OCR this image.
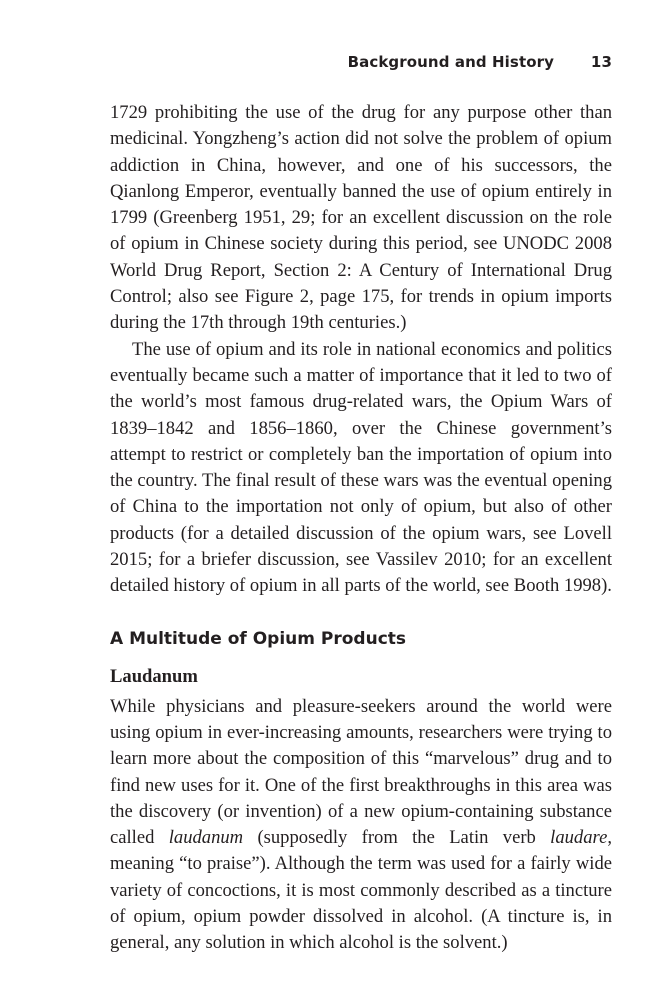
Background and History 13

1729 prohibiting the use of the drug for any purpose other than medicinal. Yongzheng’s action did not solve the problem of opium addiction in China, however, and one of his successors, the Qianlong Emperor, eventually banned the use of opium entirely in 1799 (Greenberg 1951, 29; for an excellent discussion on the role of opium in Chinese society during this period, see UNODC 2008 World Drug Report, Section 2: A Century of International Drug Control; also see Figure 2, page 175, for trends in opium imports during the 17th through 19th centuries.)

The use of opium and its role in national economics and politics eventually became such a matter of importance that it led to two of the world’s most famous drug-related wars, the Opium Wars of 1839–1842 and 1856–1860, over the Chinese government’s attempt to restrict or completely ban the importation of opium into the country. The final result of these wars was the eventual opening of China to the importation not only of opium, but also of other products (for a detailed discussion of the opium wars, see Lovell 2015; for a briefer discussion, see Vassilev 2010; for an excellent detailed history of opium in all parts of the world, see Booth 1998).

A Multitude of Opium Products
Laudanum

While physicians and pleasure-seekers around the world were using opium in ever-increasing amounts, researchers were trying to learn more about the composition of this “marvelous” drug and to find new uses for it. One of the first breakthroughs in this area was the discovery (or invention) of a new opium-containing substance called laudanum (supposedly from the Latin verb laudare, meaning “to praise”). Although the term was used for a fairly wide variety of concoctions, it is most commonly described as a tincture of opium, opium powder dissolved in alcohol. (A tincture is, in general, any solution in which alcohol is the solvent.)
